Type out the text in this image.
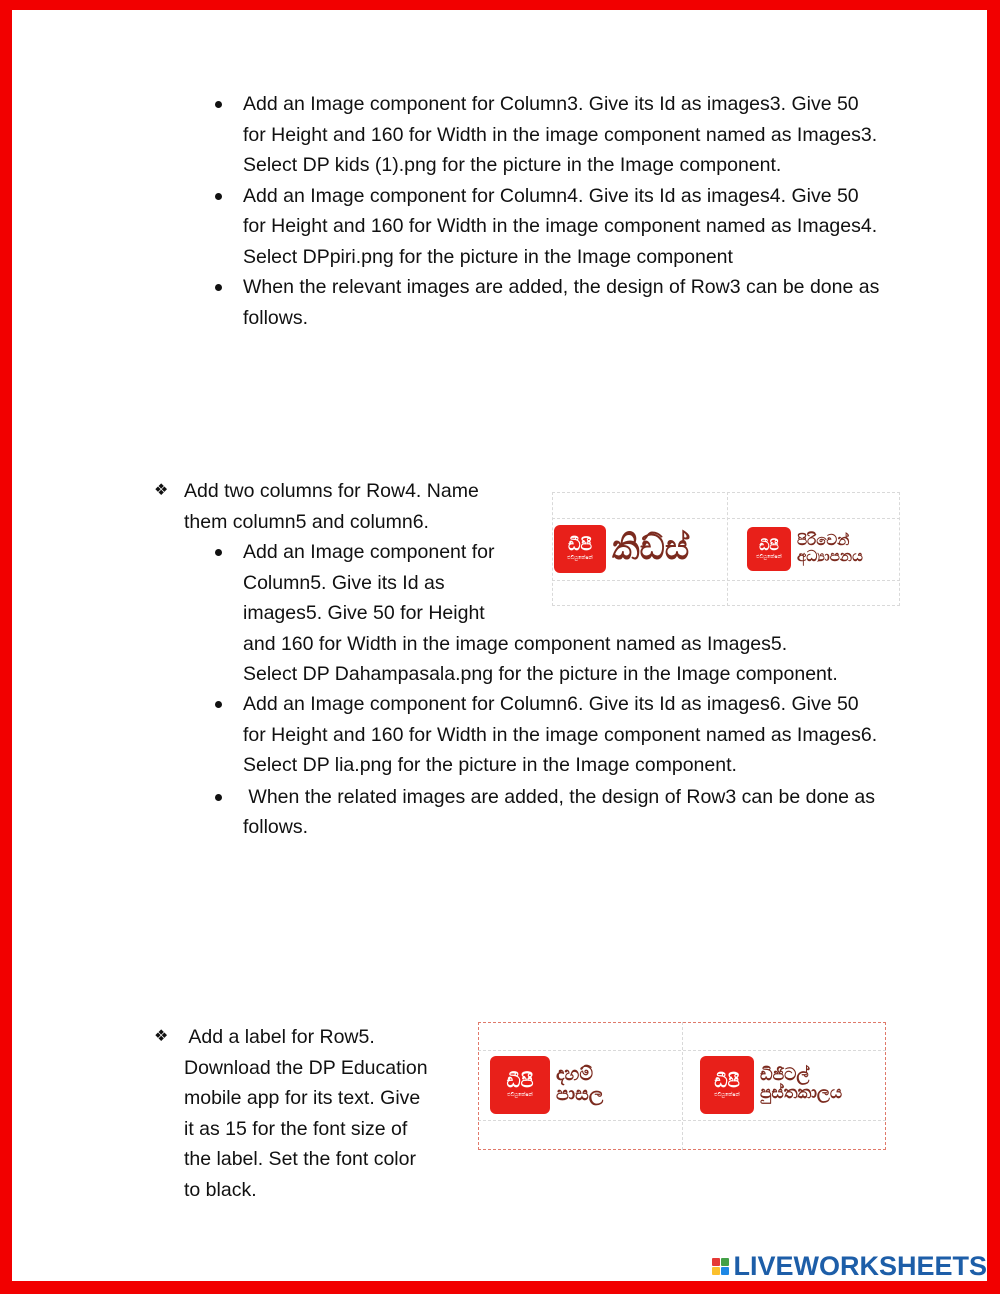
Add an Image component for Column3. Give its Id as images3. Give 50 for Height and 160 for Width in the image component named as Images3. Select DP kids (1).png for the picture in the Image component.
Add an Image component for Column4. Give its Id as images4. Give 50 for Height and 160 for Width in the image component named as Images4. Select DPpiri.png for the picture in the Image component
When the relevant images are added, the design of Row3 can be done as follows.
❖ Add two columns for Row4. Name
them column5 and column6.
Add an Image component for
Column5. Give its Id as
images5. Give 50 for Height
and 160 for Width in the image component named as Images5.
Select DP Dahampasala.png for the picture in the Image component.
Add an Image component for Column6. Give its Id as images6. Give 50 for Height and 160 for Width in the image component named as Images6. Select DP lia.png for the picture in the Image component.
When the related images are added, the design of Row3 can be done as follows.
ඩීපී
එඩියුකේෂන් කිඩ්ස්	ඩීපී
එඩියුකේෂන්
පිරිවෙන්
අධ්‍යාපනය
❖ Add a label for Row5.
Download the DP Education
mobile app for its text. Give
it as 15 for the font size of
the label. Set the font color
to black.
ඩීපී
එඩියුකේෂන්
දහම්
පාසල
ඩීපී
එඩියුකේෂන්
ඩිජිටල්
පුස්තකාලය
LIVEWORKSHEETS
